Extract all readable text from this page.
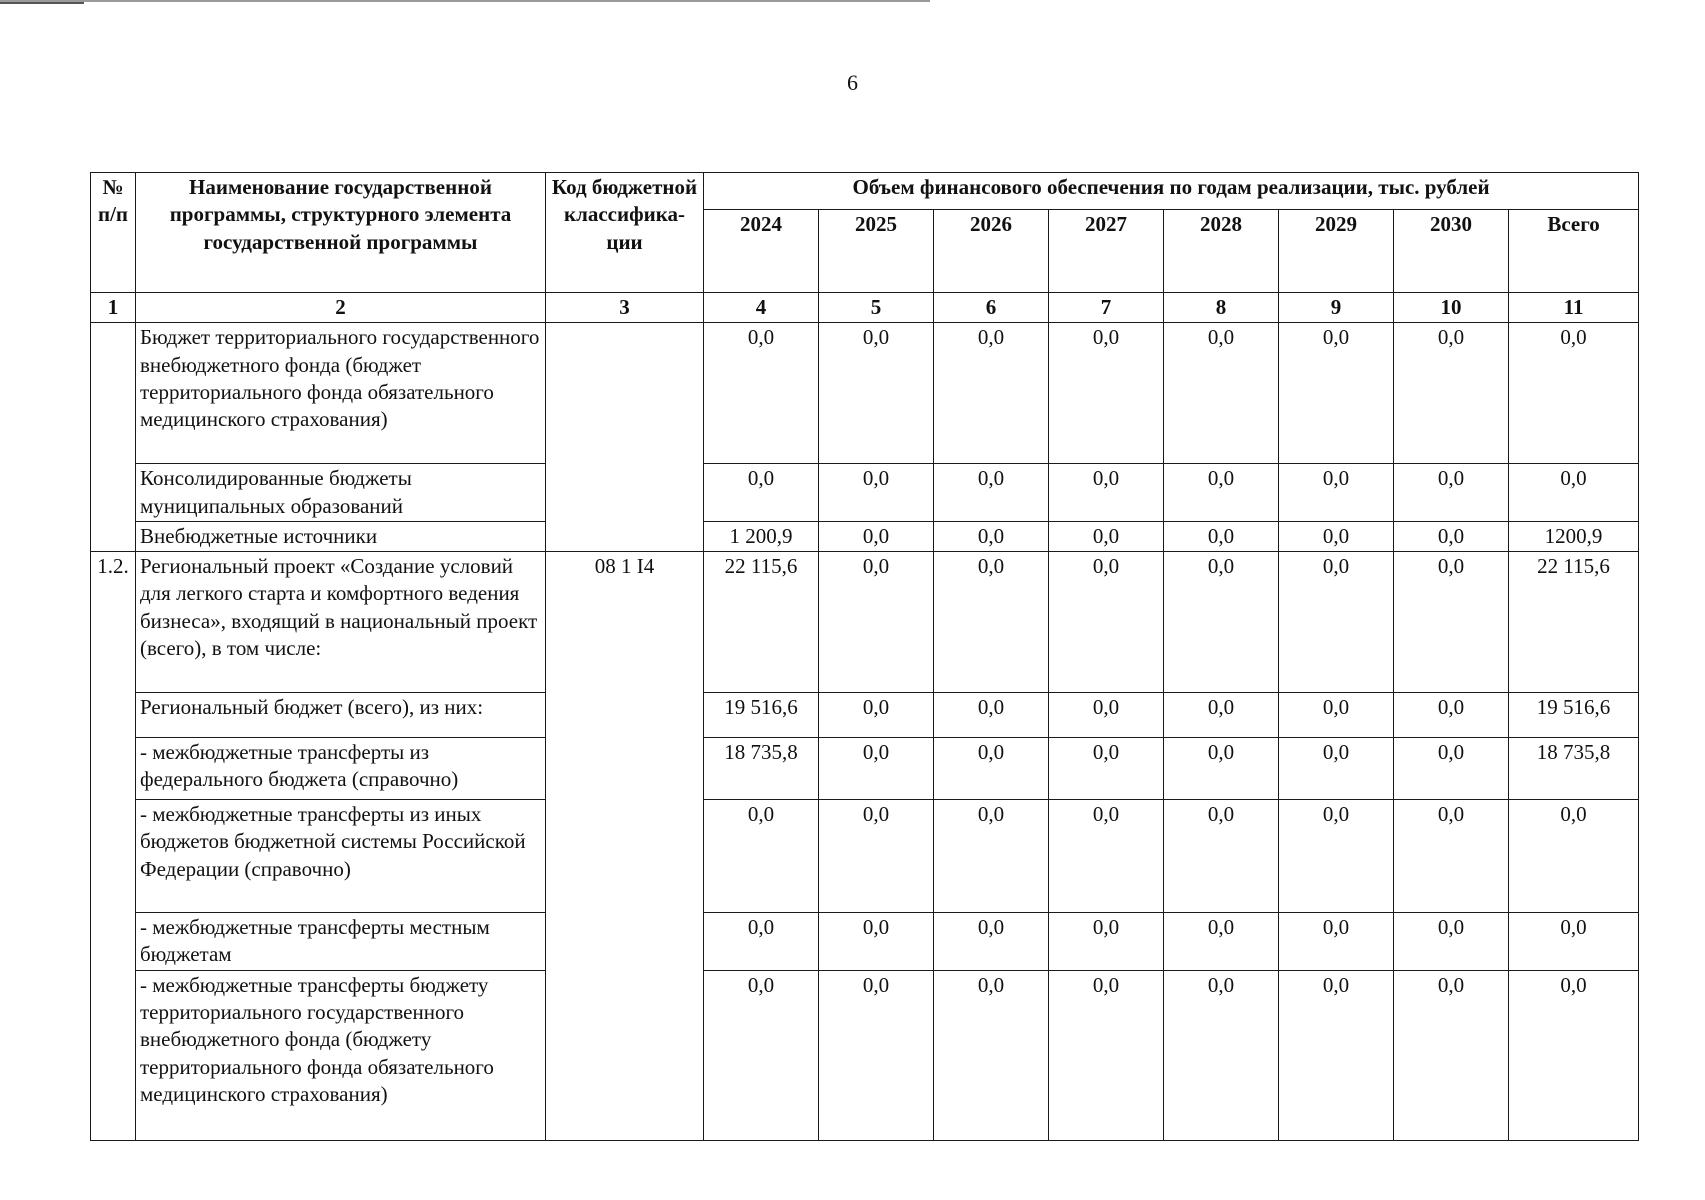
6
№ п/п	Наименование государственной программы, структурного элемента государственной программы	Код бюджетной классифика-ции	Объем финансового обеспечения по годам реализации, тыс. рублей							
			2024	2025	2026	2027	2028	2029	2030	Всего
1	2	3	4	5	6	7	8	9	10	11
	Бюджет территориального государственного внебюджетного фонда (бюджет территориального фонда обязательного медицинского страхования)		0,0	0,0	0,0	0,0	0,0	0,0	0,0	0,0
	Консолидированные бюджеты муниципальных образований		0,0	0,0	0,0	0,0	0,0	0,0	0,0	0,0
	Внебюджетные источники		1 200,9	0,0	0,0	0,0	0,0	0,0	0,0	1200,9
1.2.	Региональный проект «Создание условий для легкого старта и комфортного ведения бизнеса», входящий в национальный проект (всего), в том числе:	08 1 I4	22 115,6	0,0	0,0	0,0	0,0	0,0	0,0	22 115,6
	Региональный бюджет (всего), из них:		19 516,6	0,0	0,0	0,0	0,0	0,0	0,0	19 516,6
	- межбюджетные трансферты из федерального бюджета (справочно)		18 735,8	0,0	0,0	0,0	0,0	0,0	0,0	18 735,8
	- межбюджетные трансферты из иных бюджетов бюджетной системы Российской Федерации (справочно)		0,0	0,0	0,0	0,0	0,0	0,0	0,0	0,0
	- межбюджетные трансферты местным бюджетам		0,0	0,0	0,0	0,0	0,0	0,0	0,0	0,0
	- межбюджетные трансферты бюджету территориального государственного внебюджетного фонда (бюджету территориального фонда обязательного медицинского страхования)		0,0	0,0	0,0	0,0	0,0	0,0	0,0	0,0
